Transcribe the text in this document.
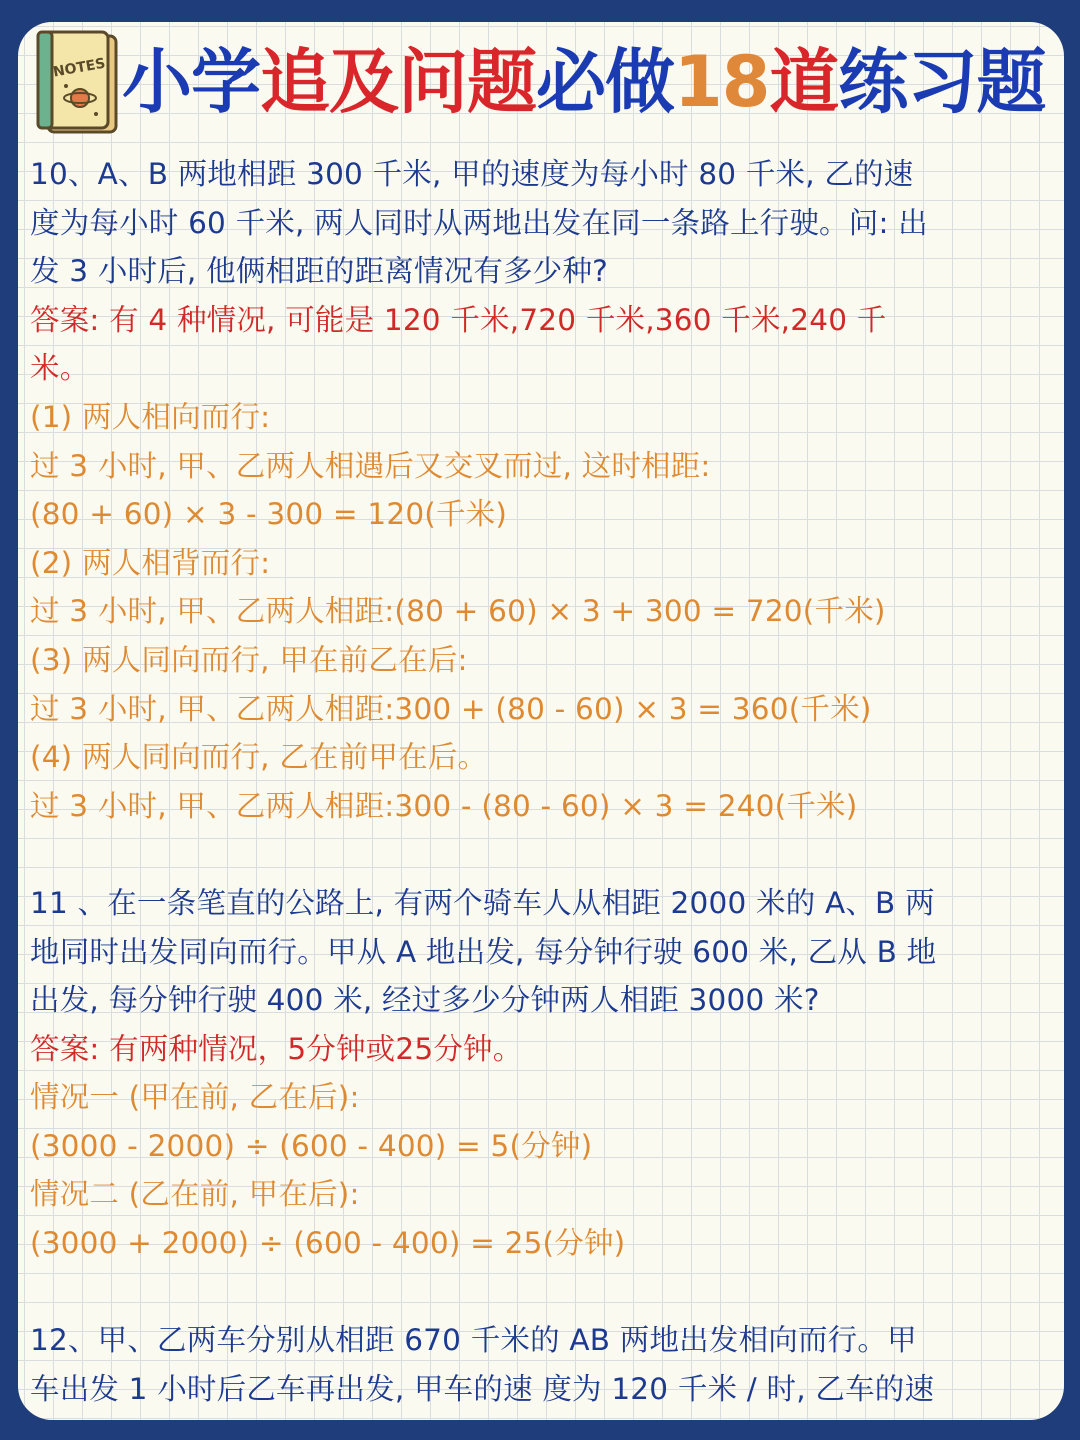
NOTES 小学追及问题必做18道练习题
10、A、B 两地相距 300 千米, 甲的速度为每小时 80 千米, 乙的速
度为每小时 60 千米, 两人同时从两地出发在同一条路上行驶。问: 出
发 3 小时后, 他俩相距的距离情况有多少种?
答案: 有 4 种情况, 可能是 120 千米,720 千米,360 千米,240 千
米。
(1) 两人相向而行:
过 3 小时, 甲、乙两人相遇后又交叉而过, 这时相距:
(80 + 60) × 3 - 300 = 120(千米)
(2) 两人相背而行:
过 3 小时, 甲、乙两人相距:(80 + 60) × 3 + 300 = 720(千米)
(3) 两人同向而行, 甲在前乙在后:
过 3 小时, 甲、乙两人相距:300 + (80 - 60) × 3 = 360(千米)
(4) 两人同向而行, 乙在前甲在后。
过 3 小时, 甲、乙两人相距:300 - (80 - 60) × 3 = 240(千米)
11 、在一条笔直的公路上, 有两个骑车人从相距 2000 米的 A、B 两
地同时出发同向而行。甲从 A 地出发, 每分钟行驶 600 米, 乙从 B 地
出发, 每分钟行驶 400 米, 经过多少分钟两人相距 3000 米?
答案: 有两种情况，5分钟或25分钟。
情况一 (甲在前, 乙在后):
(3000 - 2000) ÷ (600 - 400) = 5(分钟)
情况二 (乙在前, 甲在后):
(3000 + 2000) ÷ (600 - 400) = 25(分钟)
12、甲、乙两车分别从相距 670 千米的 AB 两地出发相向而行。甲
车出发 1 小时后乙车再出发, 甲车的速 度为 120 千米 / 时, 乙车的速
